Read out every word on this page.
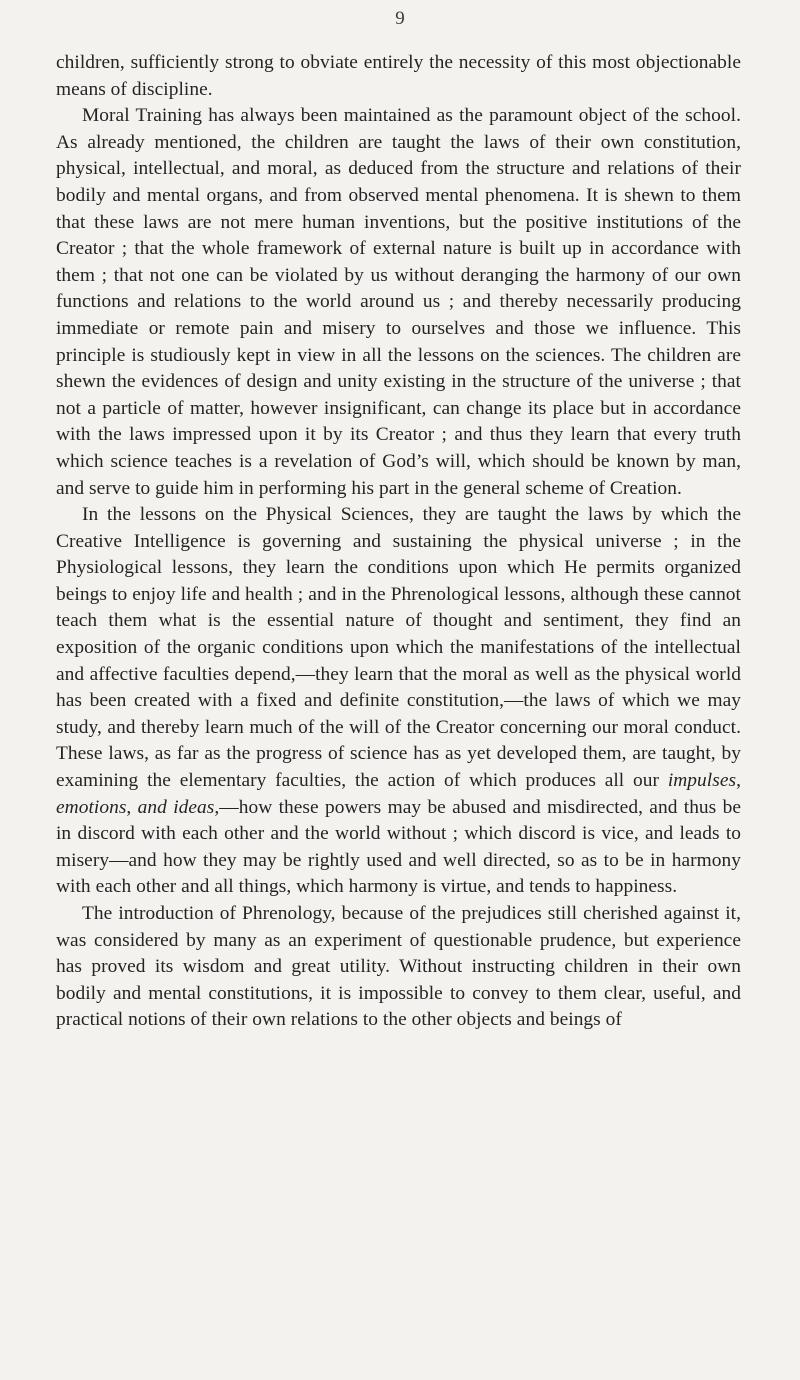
9

children, sufficiently strong to obviate entirely the necessity of this most objectionable means of discipline.

Moral Training has always been maintained as the paramount object of the school. As already mentioned, the children are taught the laws of their own constitution, physical, intellectual, and moral, as deduced from the structure and relations of their bodily and mental organs, and from observed mental phenomena. It is shewn to them that these laws are not mere human inventions, but the positive institutions of the Creator ; that the whole framework of external nature is built up in accordance with them ; that not one can be violated by us without deranging the harmony of our own functions and relations to the world around us ; and thereby necessarily producing immediate or remote pain and misery to ourselves and those we influence. This principle is studiously kept in view in all the lessons on the sciences. The children are shewn the evidences of design and unity existing in the structure of the universe ; that not a particle of matter, however insignificant, can change its place but in accordance with the laws impressed upon it by its Creator ; and thus they learn that every truth which science teaches is a revelation of God’s will, which should be known by man, and serve to guide him in performing his part in the general scheme of Creation.

In the lessons on the Physical Sciences, they are taught the laws by which the Creative Intelligence is governing and sustaining the physical universe ; in the Physiological lessons, they learn the conditions upon which He permits organized beings to enjoy life and health ; and in the Phrenological lessons, although these cannot teach them what is the essential nature of thought and sentiment, they find an exposition of the organic conditions upon which the manifestations of the intellectual and affective faculties depend,—they learn that the moral as well as the physical world has been created with a fixed and definite constitution,—the laws of which we may study, and thereby learn much of the will of the Creator concerning our moral conduct. These laws, as far as the progress of science has as yet developed them, are taught, by examining the elementary faculties, the action of which produces all our impulses, emotions, and ideas,—how these powers may be abused and misdirected, and thus be in discord with each other and the world without ; which discord is vice, and leads to misery—and how they may be rightly used and well directed, so as to be in harmony with each other and all things, which harmony is virtue, and tends to happiness.

The introduction of Phrenology, because of the prejudices still cherished against it, was considered by many as an experiment of questionable prudence, but experience has proved its wisdom and great utility. Without instructing children in their own bodily and mental constitutions, it is impossible to convey to them clear, useful, and practical notions of their own relations to the other objects and beings of
